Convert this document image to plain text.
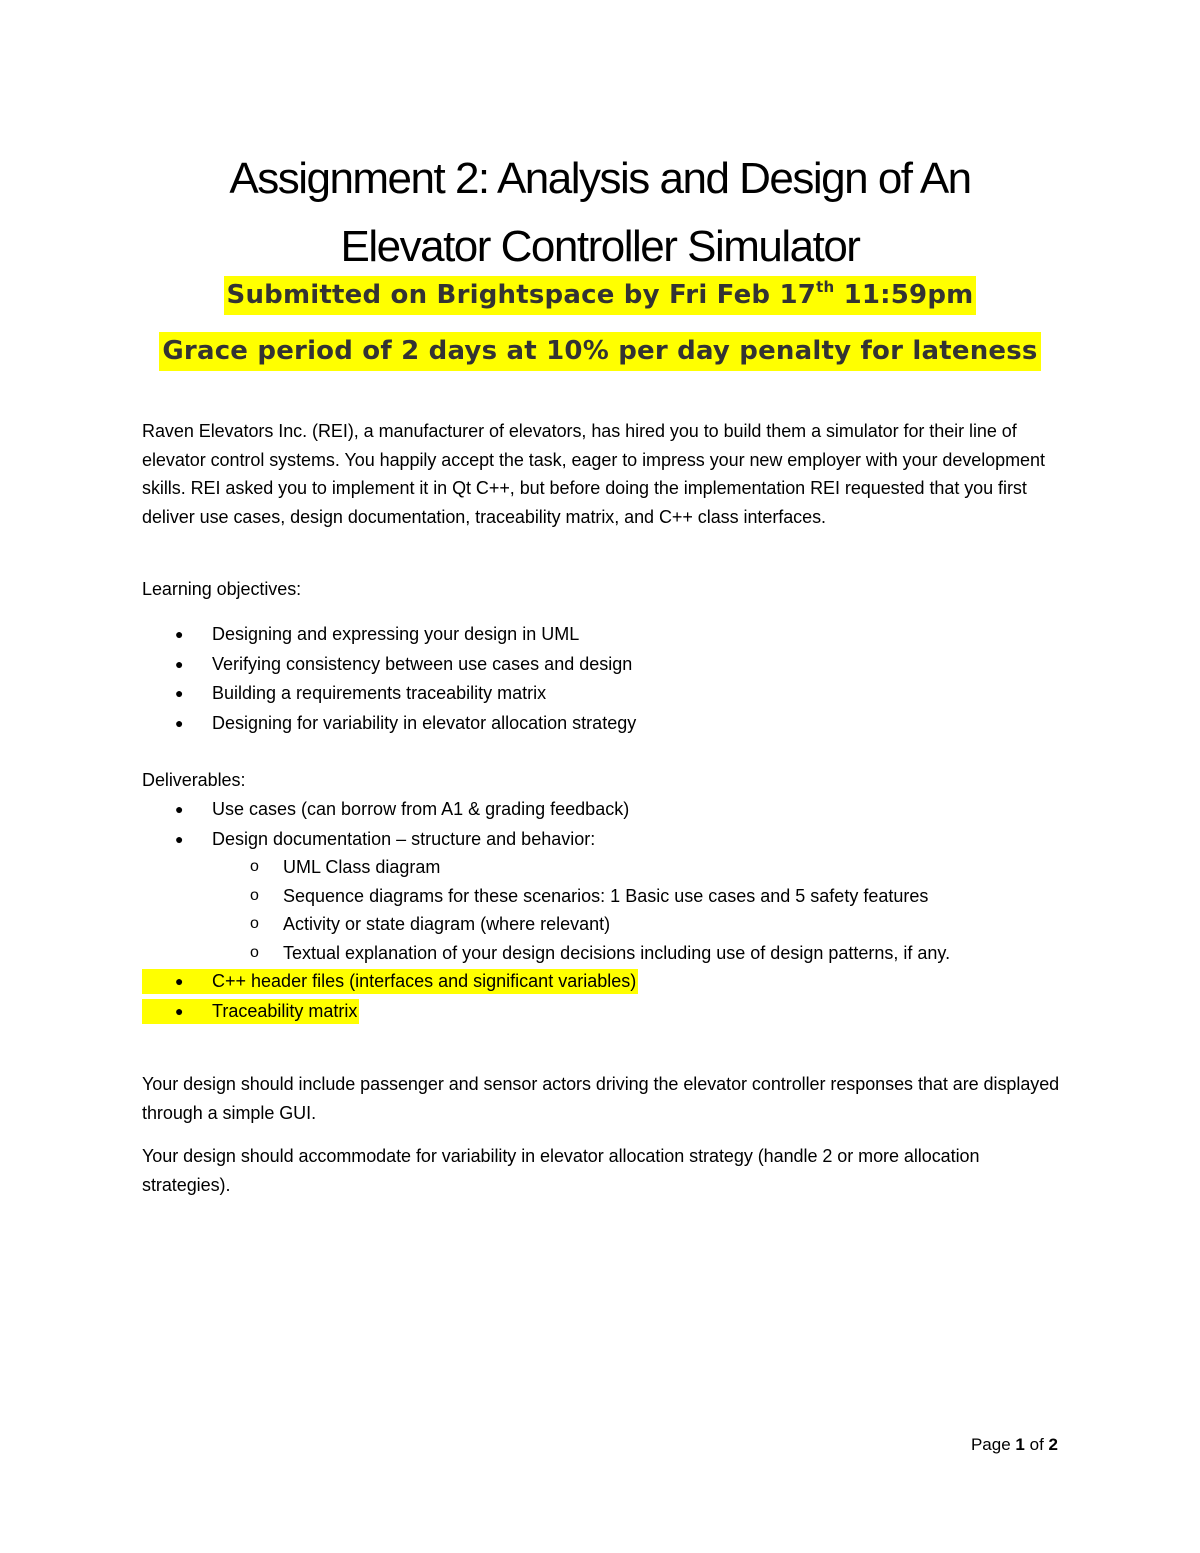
Assignment 2: Analysis and Design of An
Elevator Controller Simulator
Submitted on Brightspace by Fri Feb 17th 11:59pm
Grace period of 2 days at 10% per day penalty for lateness

Raven Elevators Inc. (REI), a manufacturer of elevators, has hired you to build them a simulator for their line of elevator control systems. You happily accept the task, eager to impress your new employer with your development skills. REI asked you to implement it in Qt C++, but before doing the implementation REI requested that you first deliver use cases, design documentation, traceability matrix, and C++ class interfaces.

Learning objectives:

● Designing and expressing your design in UML
● Verifying consistency between use cases and design
● Building a requirements traceability matrix
● Designing for variability in elevator allocation strategy

Deliverables:

● Use cases (can borrow from A1 & grading feedback)
● Design documentation – structure and behavior:
o UML Class diagram
o Sequence diagrams for these scenarios: 1 Basic use cases and 5 safety features
o Activity or state diagram (where relevant)
o Textual explanation of your design decisions including use of design patterns, if any.
● C++ header files (interfaces and significant variables)
● Traceability matrix

Your design should include passenger and sensor actors driving the elevator controller responses that are displayed through a simple GUI.

Your design should accommodate for variability in elevator allocation strategy (handle 2 or more allocation strategies).

Page 1 of 2
